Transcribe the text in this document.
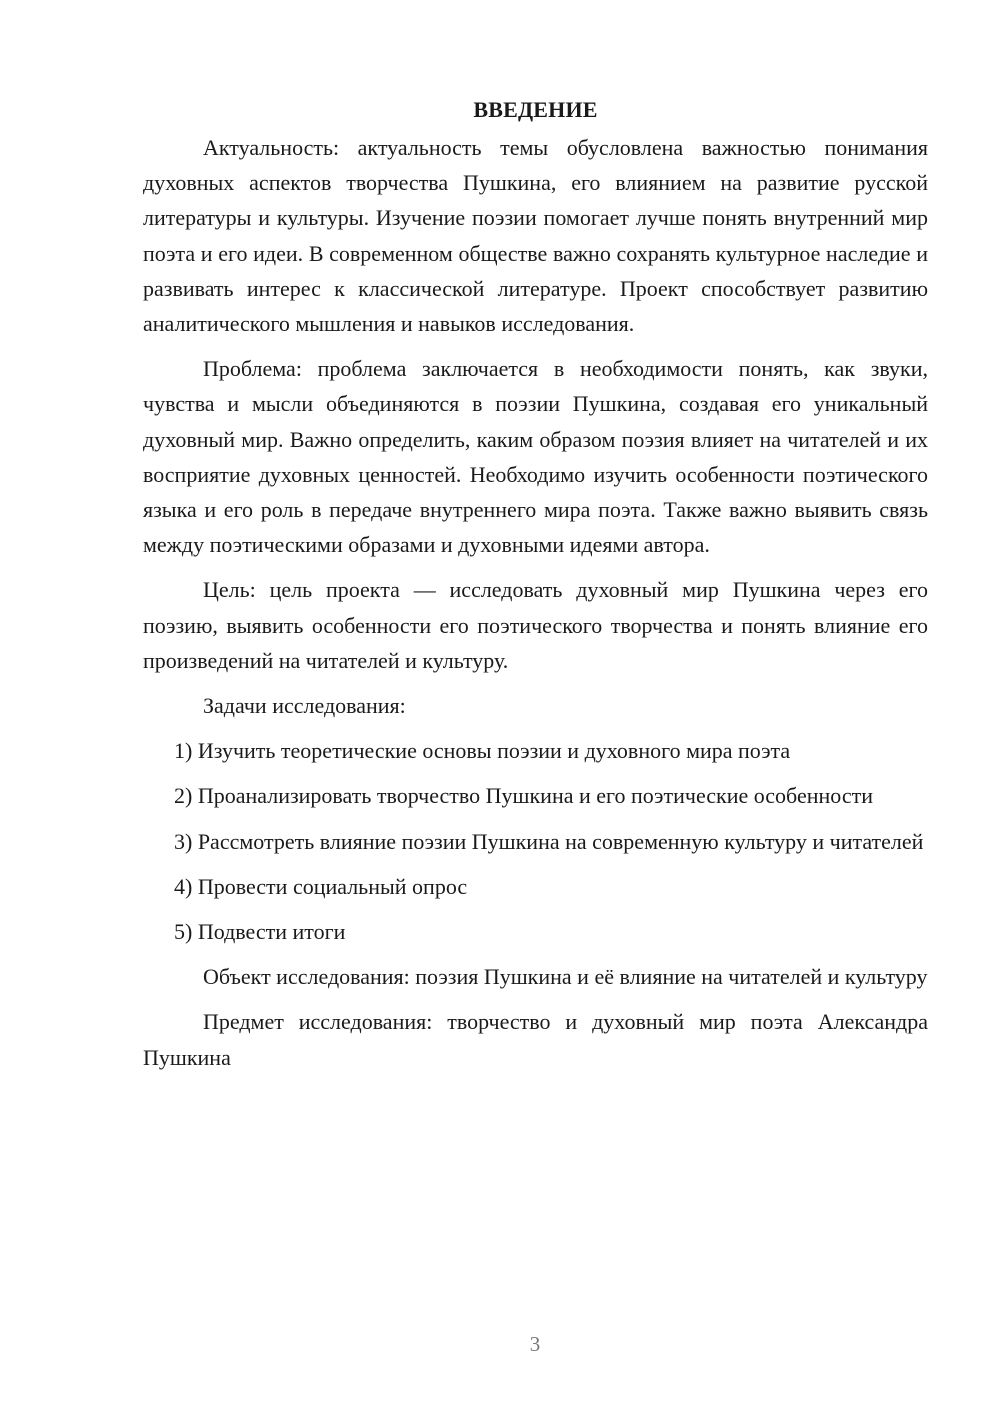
ВВЕДЕНИЕ

Актуальность: актуальность темы обусловлена важностью понимания духовных аспектов творчества Пушкина, его влиянием на развитие русской литературы и культуры. Изучение поэзии помогает лучше понять внутренний мир поэта и его идеи. В современном обществе важно сохранять культурное наследие и развивать интерес к классической литературе. Проект способствует развитию аналитического мышления и навыков исследования.

Проблема: проблема заключается в необходимости понять, как звуки, чувства и мысли объединяются в поэзии Пушкина, создавая его уникальный духовный мир. Важно определить, каким образом поэзия влияет на читателей и их восприятие духовных ценностей. Необходимо изучить особенности поэтического языка и его роль в передаче внутреннего мира поэта. Также важно выявить связь между поэтическими образами и духовными идеями автора.

Цель: цель проекта — исследовать духовный мир Пушкина через его поэзию, выявить особенности его поэтического творчества и понять влияние его произведений на читателей и культуру.

Задачи исследования:

1) Изучить теоретические основы поэзии и духовного мира поэта

2) Проанализировать творчество Пушкина и его поэтические особенности

3) Рассмотреть влияние поэзии Пушкина на современную культуру и читателей

4) Провести социальный опрос

5) Подвести итоги

Объект исследования: поэзия Пушкина и её влияние на читателей и культуру

Предмет исследования: творчество и духовный мир поэта Александра Пушкина

3
